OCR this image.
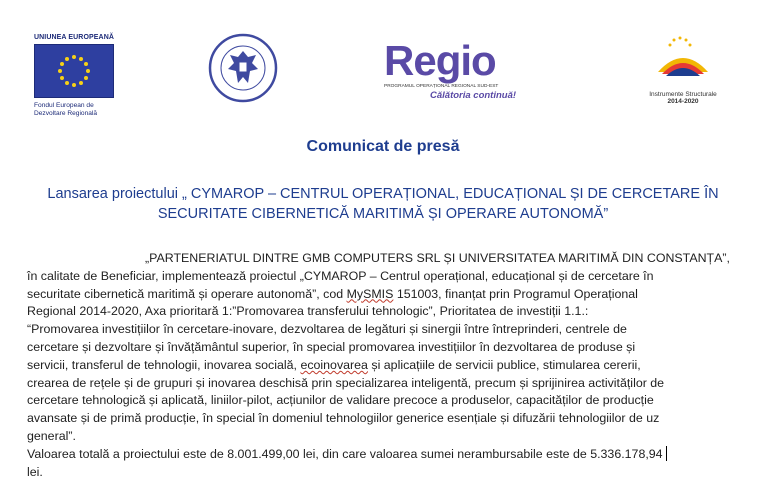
UNIUNEA EUROPEANĂ
Fondul European de
Dezvoltare Regională
Regio
PROGRAMUL OPERAȚIONAL REGIONAL SUD-EST
Călătoria continuă!	Instrumente Structurale
2014-2020
Comunicat de presă
Lansarea proiectului „ CYMAROP – CENTRUL OPERAȚIONAL, EDUCAȚIONAL ȘI DE CERCETARE ÎN
SECURITATE CIBERNETICĂ MARITIMĂ ȘI OPERARE AUTONOMĂ”

„PARTENERIATUL DINTRE GMB COMPUTERS SRL ȘI UNIVERSITATEA MARITIMĂ DIN CONSTANȚA”,

în calitate de Beneficiar, implementează proiectul „CYMAROP – Centrul operațional, educațional și de cercetare în

securitate cibernetică maritimă și operare autonomă”, cod MySMIS 151003, finanțat prin Programul Operațional

Regional 2014-2020, Axa prioritară 1:”Promovarea transferului tehnologic”, Prioritatea de investiții 1.1.:

“Promovarea investițiilor în cercetare-inovare, dezvoltarea de legături și sinergii între întreprinderi, centrele de

cercetare și dezvoltare și învățământul superior, în special promovarea investițiilor în dezvoltarea de produse și

servicii, transferul de tehnologii, inovarea socială, ecoinovarea și aplicațiile de servicii publice, stimularea cererii,

crearea de rețele și de grupuri și inovarea deschisă prin specializarea inteligentă, precum și sprijinirea activităților de

cercetare tehnologică și aplicată, liniilor-pilot, acțiunilor de validare precoce a produselor, capacităților de producție

avansate și de primă producție, în special în domeniul tehnologiilor generice esențiale și difuzării tehnologiilor de uz

general”.

Valoarea totală a proiectului este de 8.001.499,00 lei, din care valoarea sumei nerambursabile este de 5.336.178,94

lei.
